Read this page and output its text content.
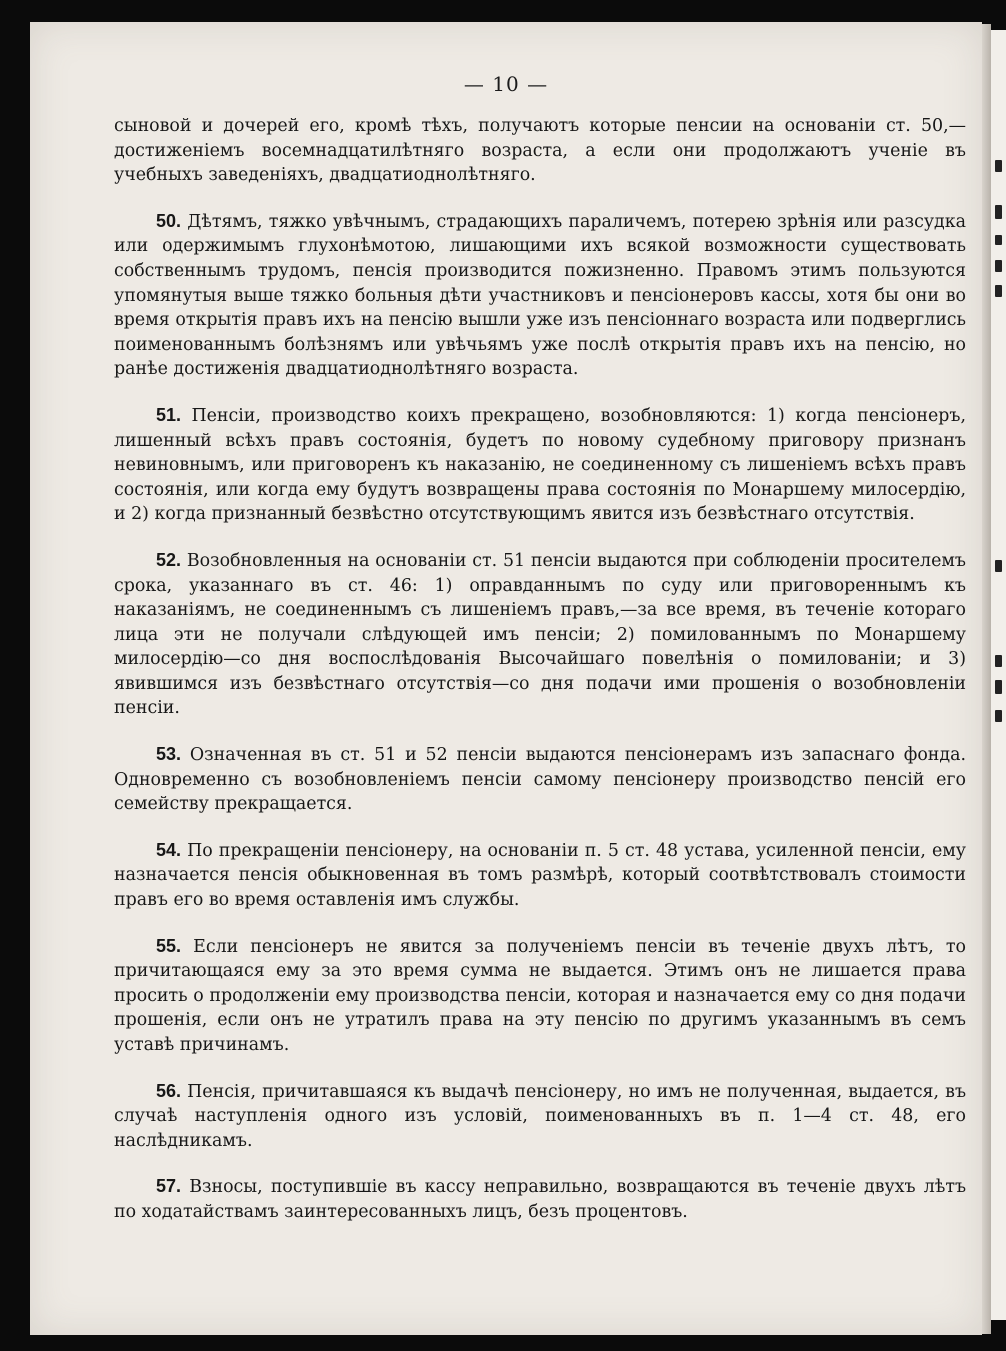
— 10 —

сыновой и дочерей его, кромѣ тѣхъ, получаютъ которые пенсии на основаніи ст. 50,— достиженіемъ восемнадцатилѣтняго возраста, а если они продолжаютъ ученіе въ учебныхъ заведеніяхъ, двадцатиоднолѣтняго.

50. Дѣтямъ, тяжко увѣчнымъ, страдающихъ параличемъ, потерею зрѣнія или разсудка или одержимымъ глухонѣмотою, лишающими ихъ всякой возможности существовать собственнымъ трудомъ, пенсія производится пожизненно. Правомъ этимъ пользуются упомянутыя выше тяжко больныя дѣти участниковъ и пенсіонеровъ кассы, хотя бы они во время открытія правъ ихъ на пенсію вышли уже изъ пенсіоннаго возраста или подверглись поименованнымъ болѣзнямъ или увѣчьямъ уже послѣ открытія правъ ихъ на пенсію, но ранѣе достиженія двадцатиоднолѣтняго возраста.

51. Пенсіи, производство коихъ прекращено, возобновляются: 1) когда пенсіонеръ, лишенный всѣхъ правъ состоянія, будетъ по новому судебному приговору признанъ невиновнымъ, или приговоренъ къ наказанію, не соединенному съ лишеніемъ всѣхъ правъ состоянія, или когда ему будутъ возвращены права состоянія по Монаршему милосердію, и 2) когда признанный безвѣстно отсутствующимъ явится изъ безвѣстнаго отсутствія.

52. Возобновленныя на основаніи ст. 51 пенсіи выдаются при соблюденіи просителемъ срока, указаннаго въ ст. 46: 1) оправданнымъ по суду или приговореннымъ къ наказаніямъ, не соединеннымъ съ лишеніемъ правъ,—за все время, въ теченіе котораго лица эти не получали слѣдующей имъ пенсіи; 2) помилованнымъ по Монаршему милосердію—со дня воспослѣдованія Высочайшаго повелѣнія о помилованіи; и 3) явившимся изъ безвѣстнаго отсутствія—со дня подачи ими прошенія о возобновленіи пенсіи.

53. Означенная въ ст. 51 и 52 пенсіи выдаются пенсіонерамъ изъ запаснаго фонда. Одновременно съ возобновленіемъ пенсіи самому пенсіонеру производство пенсій его семейству прекращается.

54. По прекращеніи пенсіонеру, на основаніи п. 5 ст. 48 устава, усиленной пенсіи, ему назначается пенсія обыкновенная въ томъ размѣрѣ, который соотвѣтствовалъ стоимости правъ его во время оставленія имъ службы.

55. Если пенсіонеръ не явится за полученіемъ пенсіи въ теченіе двухъ лѣтъ, то причитающаяся ему за это время сумма не выдается. Этимъ онъ не лишается права просить о продолженіи ему производства пенсіи, которая и назначается ему со дня подачи прошенія, если онъ не утратилъ права на эту пенсію по другимъ указаннымъ въ семъ уставѣ причинамъ.

56. Пенсія, причитавшаяся къ выдачѣ пенсіонеру, но имъ не полученная, выдается, въ случаѣ наступленія одного изъ условій, поименованныхъ въ п. 1—4 ст. 48, его наслѣдникамъ.

57. Взносы, поступившіе въ кассу неправильно, возвращаются въ теченіе двухъ лѣтъ по ходатайствамъ заинтересованныхъ лицъ, безъ процентовъ.
